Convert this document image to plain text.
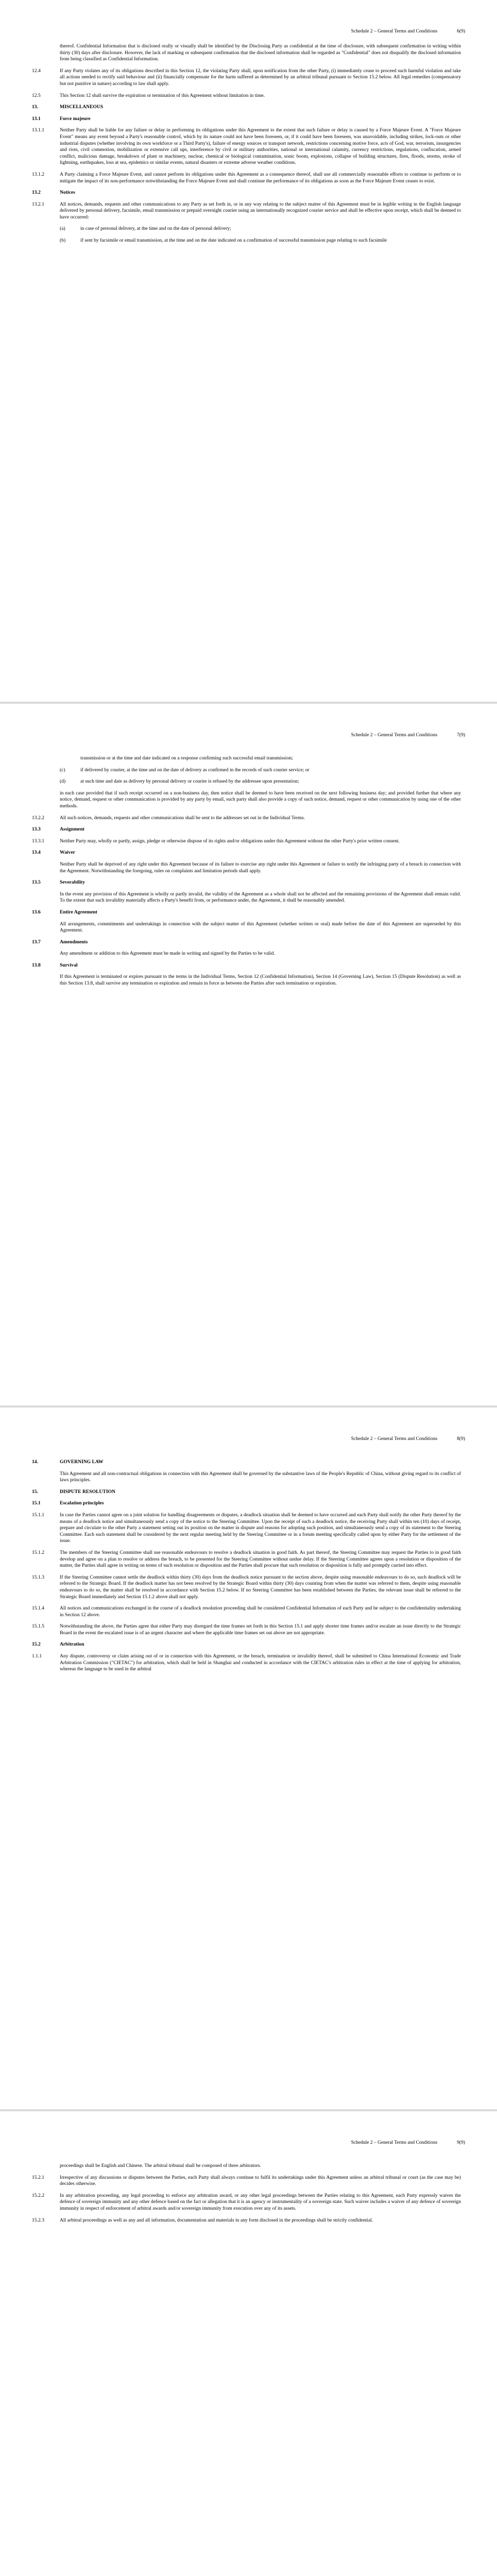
Schedule 2 – General Terms and Conditions	6(9)
thereof. Confidential Information that is disclosed orally or visually shall be identified by the Disclosing Party as confidential at the time of disclosure, with subsequent confirmation in writing within thirty (30) days after disclosure. However, the lack of marking or subsequent confirmation that the disclosed information shall be regarded as "Confidential" does not disqualify the disclosed information from being classified as Confidential Information.
12.4	If any Party violates any of its obligations described in this Section 12, the violating Party shall, upon notification from the other Party, (i) immediately cease to proceed such harmful violation and take all actions needed to rectify said behaviour and (ii) financially compensate for the harm suffered as determined by an arbitral tribunal pursuant to Section 15.2 below. All legal remedies (compensatory but not punitive in nature) according to law shall apply.
12.5	This Section 12 shall survive the expiration or termination of this Agreement without limitation in time.
13.	MISCELLANEOUS
13.1	Force majeure
13.1.1	Neither Party shall be liable for any failure or delay in performing its obligations under this Agreement to the extent that such failure or delay is caused by a Force Majeure Event. A "Force Majeure Event" means any event beyond a Party's reasonable control, which by its nature could not have been foreseen, or, if it could have been foreseen, was unavoidable, including strikes, lock-outs or other industrial disputes (whether involving its own workforce or a Third Party's), failure of energy sources or transport network, restrictions concerning motive force, acts of God, war, terrorism, insurgencies and riots, civil commotion, mobilization or extensive call ups, interference by civil or military authorities, national or international calamity, currency restrictions, regulations, confiscation, armed conflict, malicious damage, breakdown of plant or machinery, nuclear, chemical or biological contamination, sonic boom, explosions, collapse of building structures, fires, floods, storms, stroke of lightning, earthquakes, loss at sea, epidemics or similar events, natural disasters or extreme adverse weather conditions.
13.1.2	A Party claiming a Force Majeure Event, and cannot perform its obligations under this Agreement as a consequence thereof, shall use all commercially reasonable efforts to continue to perform or to mitigate the impact of its non-performance notwithstanding the Force Majeure Event and shall continue the performance of its obligations as soon as the Force Majeure Event ceases to exist.
13.2	Notices
13.2.1	All notices, demands, requests and other communications to any Party as set forth in, or in any way relating to the subject matter of this Agreement must be in legible writing in the English language delivered by personal delivery, facsimile, email transmission or prepaid overnight courier using an internationally recognized courier service and shall be effective upon receipt, which shall be deemed to have occurred:
(a)	in case of personal delivery, at the time and on the date of personal delivery;
(b)	if sent by facsimile or email transmission, at the time and on the date indicated on a confirmation of successful transmission page relating to such facsimile
Schedule 2 – General Terms and Conditions	7(9)
transmission or at the time and date indicated on a response confirming such successful email transmission;
(c)	if delivered by courier, at the time and on the date of delivery as confirmed in the records of such courier service; or
(d)	at such time and date as delivery by personal delivery or courier is refused by the addressee upon presentation;
in each case provided that if such receipt occurred on a non-business day, then notice shall be deemed to have been received on the next following business day; and provided further that where any notice, demand, request or other communication is provided by any party by email, such party shall also provide a copy of such notice, demand, request or other communication by using one of the other methods.
13.2.2	All such notices, demands, requests and other communications shall be sent to the addresses set out in the Individual Terms.
13.3	Assignment
13.3.1	Neither Party may, wholly or partly, assign, pledge or otherwise dispose of its rights and/or obligations under this Agreement without the other Party's prior written consent.
13.4	Waiver
Neither Party shall be deprived of any right under this Agreement because of its failure to exercise any right under this Agreement or failure to notify the infringing party of a breach in connection with the Agreement. Notwithstanding the foregoing, rules on complaints and limitation periods shall apply.
13.5	Severability
In the event any provision of this Agreement is wholly or partly invalid, the validity of the Agreement as a whole shall not be affected and the remaining provisions of the Agreement shall remain valid. To the extent that such invalidity materially affects a Party's benefit from, or performance under, the Agreement, it shall be reasonably amended.
13.6	Entire Agreement
All arrangements, commitments and undertakings in connection with the subject matter of this Agreement (whether written or oral) made before the date of this Agreement are superseded by this Agreement.
13.7	Amendments
Any amendment or addition to this Agreement must be made in writing and signed by the Parties to be valid.
13.8	Survival
If this Agreement is terminated or expires pursuant to the terms in the Individual Terms, Section 12 (Confidential Information), Section 14 (Governing Law), Section 15 (Dispute Resolution) as well as this Section 13.8, shall survive any termination or expiration and remain in force as between the Parties after such termination or expiration.
Schedule 2 – General Terms and Conditions	8(9)
14.	GOVERNING LAW
This Agreement and all non-contractual obligations in connection with this Agreement shall be governed by the substantive laws of the People's Republic of China, without giving regard to its conflict of laws principles.
15.	DISPUTE RESOLUTION
15.1	Escalation principles
15.1.1	In case the Parties cannot agree on a joint solution for handling disagreements or disputes, a deadlock situation shall be deemed to have occurred and each Party shall notify the other Party thereof by the means of a deadlock notice and simultaneously send a copy of the notice to the Steering Committee. Upon the receipt of such a deadlock notice, the receiving Party shall within ten (10) days of receipt, prepare and circulate to the other Party a statement setting out its position on the matter in dispute and reasons for adopting such position, and simultaneously send a copy of its statement to the Steering Committee. Each such statement shall be considered by the next regular meeting held by the Steering Committee or in a forum meeting specifically called upon by either Party for the settlement of the issue.
15.1.2	The members of the Steering Committee shall use reasonable endeavours to resolve a deadlock situation in good faith. As part thereof, the Steering Committee may request the Parties to in good faith develop and agree on a plan to resolve or address the breach, to be presented for the Steering Committee without undue delay. If the Steering Committee agrees upon a resolution or disposition of the matter, the Parties shall agree in writing on terms of such resolution or disposition and the Parties shall procure that such resolution or disposition is fully and promptly carried into effect.
15.1.3	If the Steering Committee cannot settle the deadlock within thirty (30) days from the deadlock notice pursuant to the section above, despite using reasonable endeavours to do so, such deadlock will be referred to the Strategic Board. If the deadlock matter has not been resolved by the Strategic Board within thirty (30) days counting from when the matter was referred to them, despite using reasonable endeavours to do so, the matter shall be resolved in accordance with Section 15.2 below. If no Steering Committee has been established between the Parties, the relevant issue shall be referred to the Strategic Board immediately and Section 15.1.2 above shall not apply.
15.1.4	All notices and communications exchanged in the course of a deadlock resolution proceeding shall be considered Confidential Information of each Party and be subject to the confidentiality undertaking in Section 12 above.
15.1.5	Notwithstanding the above, the Parties agree that either Party may disregard the time frames set forth in this Section 15.1 and apply shorter time frames and/or escalate an issue directly to the Strategic Board in the event the escalated issue is of an urgent character and where the applicable time frames set out above are not appropriate.
15.2	Arbitration
1.1.1	Any dispute, controversy or claim arising out of or in connection with this Agreement, or the breach, termination or invalidity thereof, shall be submitted to China International Economic and Trade Arbitration Commission ("CIETAC") for arbitration, which shall be held in Shanghai and conducted in accordance with the CIETAC's arbitration rules in effect at the time of applying for arbitration, whereas the language to be used in the arbitral
Schedule 2 – General Terms and Conditions	9(9)
proceedings shall be English and Chinese. The arbitral tribunal shall be composed of three arbitrators.
15.2.1	Irrespective of any discussions or disputes between the Parties, each Party shall always continue to fulfil its undertakings under this Agreement unless an arbitral tribunal or court (as the case may be) decides otherwise.
15.2.2	In any arbitration proceeding, any legal proceeding to enforce any arbitration award, or any other legal proceedings between the Parties relating to this Agreement, each Party expressly waives the defence of sovereign immunity and any other defence based on the fact or allegation that it is an agency or instrumentality of a sovereign state. Such waiver includes a waiver of any defence of sovereign immunity in respect of enforcement of arbitral awards and/or sovereign immunity from execution over any of its assets.
15.2.3	All arbitral proceedings as well as any and all information, documentation and materials in any form disclosed in the proceedings shall be strictly confidential.
